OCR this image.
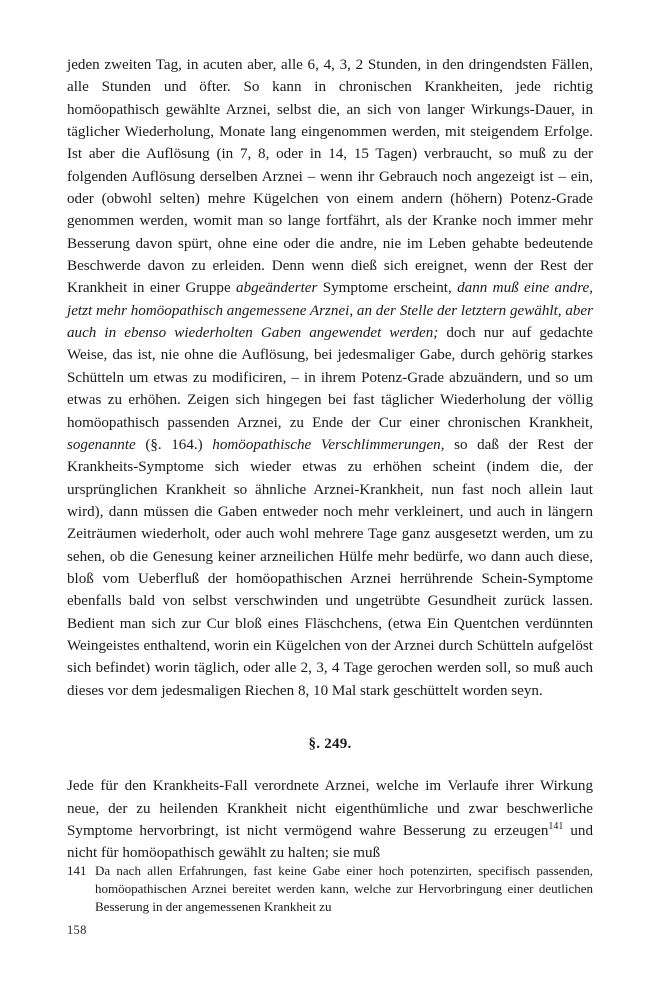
jeden zweiten Tag, in acuten aber, alle 6, 4, 3, 2 Stunden, in den dringendsten Fällen, alle Stunden und öfter. So kann in chronischen Krankheiten, jede richtig homöopathisch gewählte Arznei, selbst die, an sich von langer Wirkungs-Dauer, in täglicher Wiederholung, Monate lang eingenommen werden, mit steigendem Erfolge. Ist aber die Auflösung (in 7, 8, oder in 14, 15 Tagen) verbraucht, so muß zu der folgenden Auflösung derselben Arznei – wenn ihr Gebrauch noch angezeigt ist – ein, oder (obwohl selten) mehre Kügelchen von einem andern (höhern) Potenz-Grade genommen werden, womit man so lange fortfährt, als der Kranke noch immer mehr Besserung davon spürt, ohne eine oder die andre, nie im Leben gehabte bedeutende Beschwerde davon zu erleiden. Denn wenn dieß sich ereignet, wenn der Rest der Krankheit in einer Gruppe abgeänderter Symptome erscheint, dann muß eine andre, jetzt mehr homöopathisch angemessene Arznei, an der Stelle der letztern gewählt, aber auch in ebenso wiederholten Gaben angewendet werden; doch nur auf gedachte Weise, das ist, nie ohne die Auflösung, bei jedesmaliger Gabe, durch gehörig starkes Schütteln um etwas zu modificiren, – in ihrem Potenz-Grade abzuändern, und so um etwas zu erhöhen. Zeigen sich hingegen bei fast täglicher Wiederholung der völlig homöopathisch passenden Arznei, zu Ende der Cur einer chronischen Krankheit, sogenannte (§. 164.) homöopathische Verschlimmerungen, so daß der Rest der Krankheits-Symptome sich wieder etwas zu erhöhen scheint (indem die, der ursprünglichen Krankheit so ähnliche Arznei-Krankheit, nun fast noch allein laut wird), dann müssen die Gaben entweder noch mehr verkleinert, und auch in längern Zeiträumen wiederholt, oder auch wohl mehrere Tage ganz ausgesetzt werden, um zu sehen, ob die Genesung keiner arzneilichen Hülfe mehr bedürfe, wo dann auch diese, bloß vom Ueberfluß der homöopathischen Arznei herrührende Schein-Symptome ebenfalls bald von selbst verschwinden und ungetrübte Gesundheit zurück lassen. Bedient man sich zur Cur bloß eines Fläschchens, (etwa Ein Quentchen verdünnten Weingeistes enthaltend, worin ein Kügelchen von der Arznei durch Schütteln aufgelöst sich befindet) worin täglich, oder alle 2, 3, 4 Tage gerochen werden soll, so muß auch dieses vor dem jedesmaligen Riechen 8, 10 Mal stark geschüttelt worden seyn.

§. 249.

Jede für den Krankheits-Fall verordnete Arznei, welche im Verlaufe ihrer Wirkung neue, der zu heilenden Krankheit nicht eigenthümliche und zwar beschwerliche Symptome hervorbringt, ist nicht vermögend wahre Besserung zu erzeugen$^{141}$ und nicht für homöopathisch gewählt zu halten; sie muß

141 Da nach allen Erfahrungen, fast keine Gabe einer hoch potenzirten, specifisch passenden, homöopathischen Arznei bereitet werden kann, welche zur Hervorbringung einer deutlichen Besserung in der angemessenen Krankheit zu
158
